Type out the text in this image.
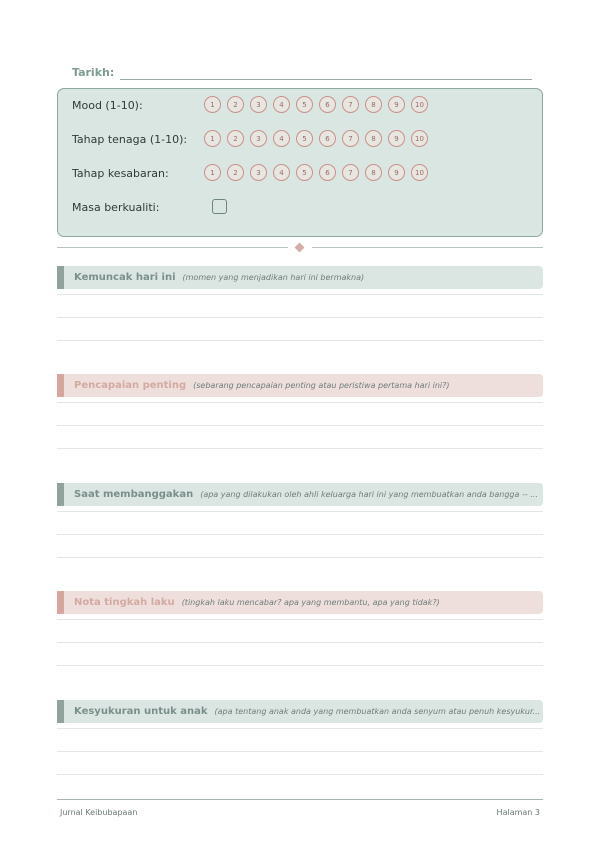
Tarikh:
Mood (1-10):	1	2	3	4	5	6	7	8	9	10
Tahap tenaga (1-10):	1	2	3	4	5	6	7	8	9	10
Tahap kesabaran:	1	2	3	4	5	6	7	8	9	10
Masa berkualiti:
Kemuncak hari ini (momen yang menjadikan hari ini bermakna)
Pencapaian penting (sebarang pencapaian penting atau peristiwa pertama hari ini?)
Saat membanggakan (apa yang dilakukan oleh ahli keluarga hari ini yang membuatkan anda bangga -- ...
Nota tingkah laku (tingkah laku mencabar? apa yang membantu, apa yang tidak?)
Kesyukuran untuk anak (apa tentang anak anda yang membuatkan anda senyum atau penuh kesyukur...
Jurnal Keibubapaan	Halaman 3
